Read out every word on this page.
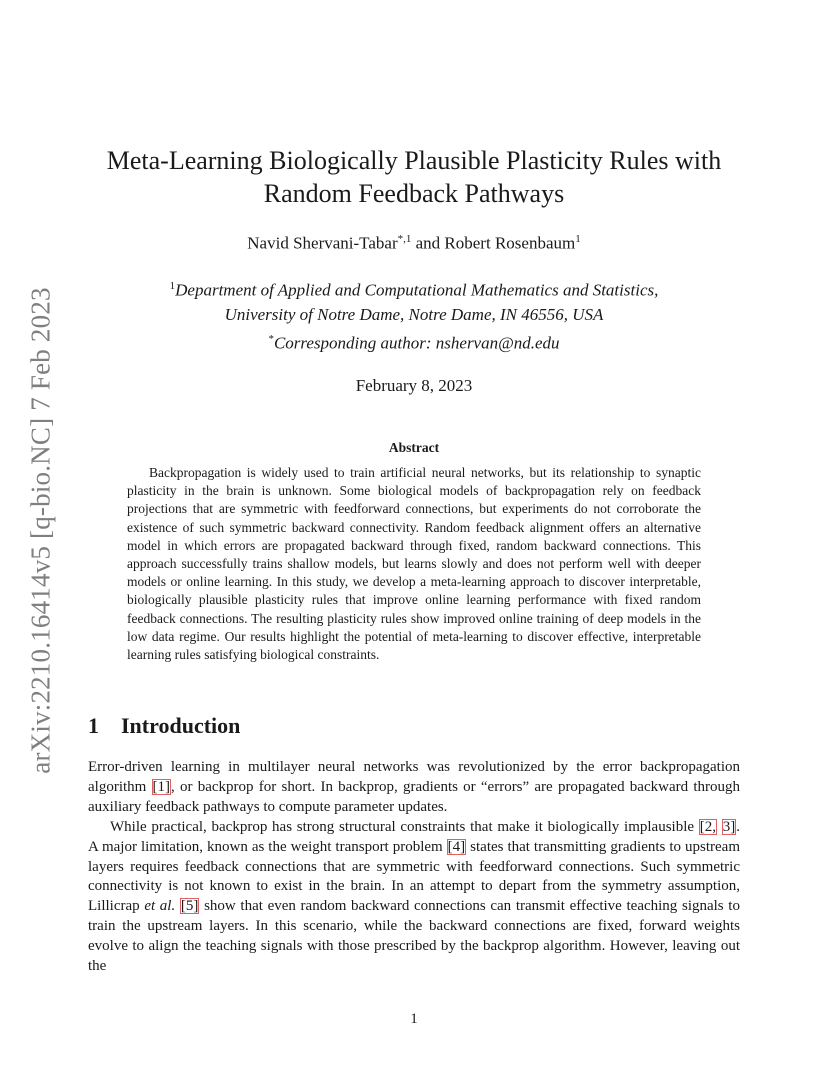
arXiv:2210.16414v5 [q-bio.NC] 7 Feb 2023
Meta-Learning Biologically Plausible Plasticity Rules with
Random Feedback Pathways
Navid Shervani-Tabar$^{*,1}$ and Robert Rosenbaum$^1$
$^1$Department of Applied and Computational Mathematics and Statistics,
University of Notre Dame, Notre Dame, IN 46556, USA
*Corresponding author: nshervan@nd.edu
February 8, 2023
Abstract

Backpropagation is widely used to train artificial neural networks, but its relationship to synaptic plasticity in the brain is unknown. Some biological models of backpropagation rely on feedback projections that are symmetric with feedforward connections, but experiments do not corroborate the existence of such symmetric backward connectivity. Random feedback alignment offers an alternative model in which errors are propagated backward through fixed, random backward connections. This approach successfully trains shallow models, but learns slowly and does not perform well with deeper models or online learning. In this study, we develop a meta-learning approach to discover interpretable, biologically plausible plasticity rules that improve online learning performance with fixed random feedback connections. The resulting plasticity rules show improved online training of deep models in the low data regime. Our results highlight the potential of meta-learning to discover effective, interpretable learning rules satisfying biological constraints.

1 Introduction

Error-driven learning in multilayer neural networks was revolutionized by the error backpropagation algorithm [1], or backprop for short. In backprop, gradients or “errors” are propagated backward through auxiliary feedback pathways to compute parameter updates.

While practical, backprop has strong structural constraints that make it biologically implausible [2, 3]. A major limitation, known as the weight transport problem [4] states that transmitting gradients to upstream layers requires feedback connections that are symmetric with feedforward connections. Such symmetric connectivity is not known to exist in the brain. In an attempt to depart from the symmetry assumption, Lillicrap et al. [5] show that even random backward connections can transmit effective teaching signals to train the upstream layers. In this scenario, while the backward connections are fixed, forward weights evolve to align the teaching signals with those prescribed by the backprop algorithm. However, leaving out the

1
